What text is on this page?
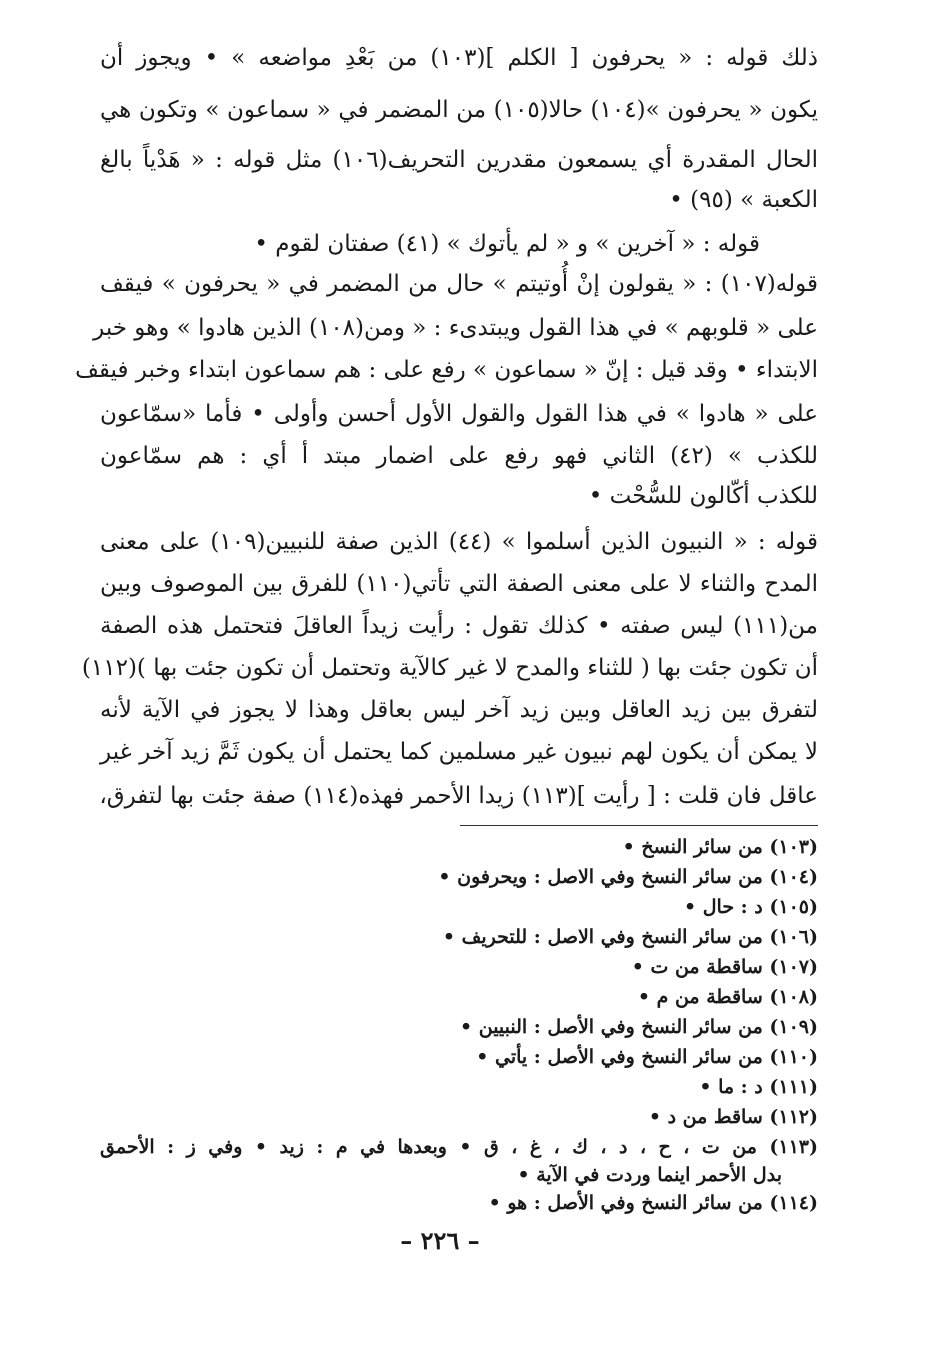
ذلك قوله : « يحرفون [ الكلم ](١٠٣) من بَعْدِ مواضعه » • ويجوز أن
يكون « يحرفون »(١٠٤) حالا(١٠٥) من المضمر في « سماعون » وتكون هي
الحال المقدرة أي يسمعون مقدرين التحريف(١٠٦) مثل قوله : « هَدْياً بالغ
الكعبة » (٩٥) •
قوله : « آخرين » و « لم يأتوك » (٤١) صفتان لقوم •
قوله(١٠٧) : « يقولون إنْ أُوتيتم » حال من المضمر في « يحرفون » فيقف
على « قلوبهم » في هذا القول ويبتدىء : « ومن(١٠٨) الذين هادوا » وهو خبر
الابتداء • وقد قيل : إنّ « سماعون » رفع على : هم سماعون ابتداء وخبر فيقف
على « هادوا » في هذا القول والقول الأول أحسن وأولى • فأما «سمّاعون
للكذب » (٤٢) الثاني فهو رفع على اضمار مبتد أ أي : هم سمّاعون
للكذب أكّالون للسُّحْت •
قوله : « النبيون الذين أسلموا » (٤٤) الذين صفة للنبيين(١٠٩) على معنى
المدح والثناء لا على معنى الصفة التي تأتي(١١٠) للفرق بين الموصوف وبين
من(١١١) ليس صفته • كذلك تقول : رأيت زيداً العاقلَ فتحتمل هذه الصفة
أن تكون جئت بها ( للثناء والمدح لا غير كالآية وتحتمل أن تكون جئت بها )(١١٢)
لتفرق بين زيد العاقل وبين زيد آخر ليس بعاقل وهذا لا يجوز في الآية لأنه
لا يمكن أن يكون لهم نبيون غير مسلمين كما يحتمل أن يكون ثَمَّ زيد آخر غير
عاقل فان قلت : [ رأيت ](١١٣) زيدا الأحمر فهذه(١١٤) صفة جئت بها لتفرق،
(١٠٣) من سائر النسخ •
(١٠٤) من سائر النسخ وفي الاصل : ويحرفون •
(١٠٥) د : حال •
(١٠٦) من سائر النسخ وفي الاصل : للتحريف •
(١٠٧) ساقطة من ت •
(١٠٨) ساقطة من م •
(١٠٩) من سائر النسخ وفي الأصل : النبيين •
(١١٠) من سائر النسخ وفي الأصل : يأتي •
(١١١) د : ما •
(١١٢) ساقط من د •
(١١٣) من ت ، ح ، د ، ك ، غ ، ق • وبعدها في م : زيد • وفي ز : الأحمق
بدل الأحمر اينما وردت في الآية •
(١١٤) من سائر النسخ وفي الأصل : هو •
– ٢٢٦ –
